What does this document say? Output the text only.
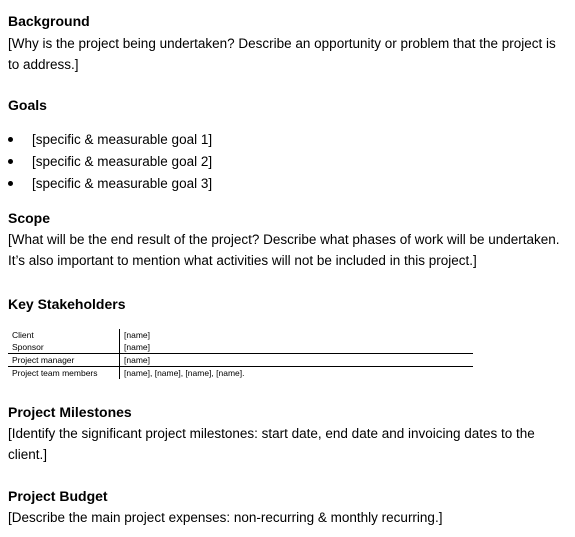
Background
[Why is the project being undertaken? Describe an opportunity or problem that the project is
to address.]
Goals
[specific & measurable goal 1]
[specific & measurable goal 2]
[specific & measurable goal 3]
Scope
[What will be the end result of the project? Describe what phases of work will be undertaken.
It’s also important to mention what activities will not be included in this project.]
Key Stakeholders
Client	[name]
Sponsor	[name]
Project manager	[name]
Project team members	[name], [name], [name], [name].
Project Milestones
[Identify the significant project milestones: start date, end date and invoicing dates to the
client.]
Project Budget
[Describe the main project expenses: non-recurring & monthly recurring.]
